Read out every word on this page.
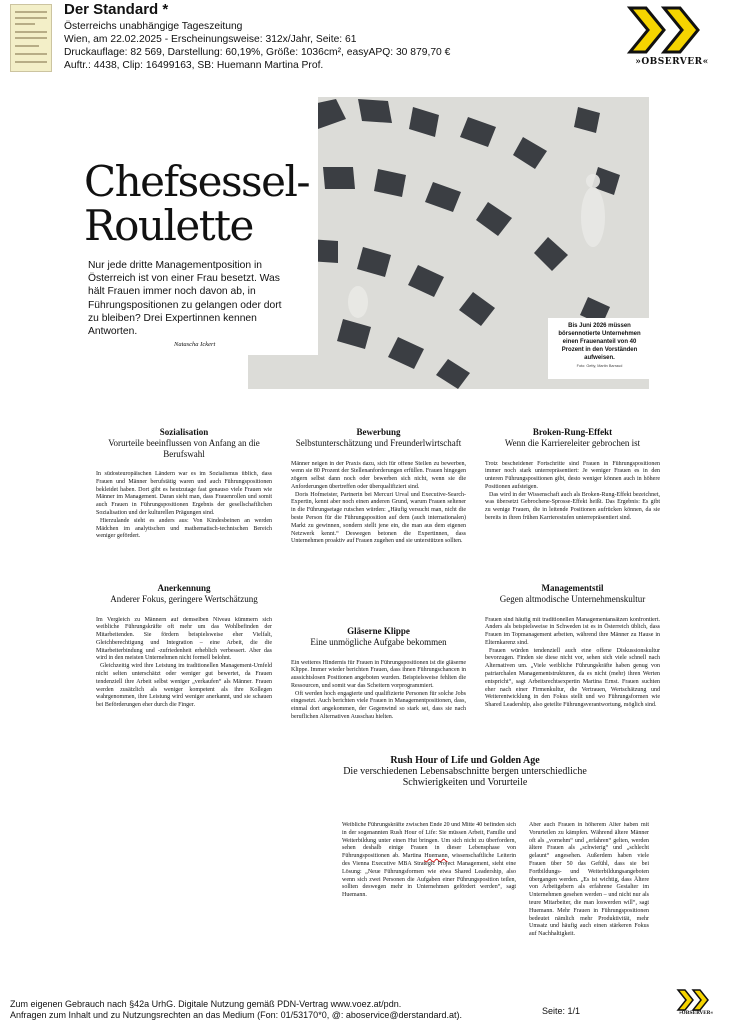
Der Standard *
Österreichs unabhängige Tageszeitung
Wien, am 22.02.2025 - Erscheinungsweise: 312x/Jahr, Seite: 61
Druckauflage: 82 569, Darstellung: 60,19%, Größe: 1036cm², easyAPQ: 30 879,70 €
Auftr.: 4438, Clip: 16499163, SB: Huemann Martina Prof.	»OBSERVER«
Chefsessel-
Roulette
Nur jede dritte Managementposition in Österreich ist von einer Frau besetzt. Was hält Frauen immer noch davon ab, in Führungspositionen zu gelangen oder dort zu bleiben? Drei Expertinnen kennen Antworten.
Natascha Ickert
Bis Juni 2026 müssen börsennotierte Unternehmen einen Frauenanteil von 40 Prozent in den Vorständen aufweisen.
Foto: Getty, Martin Barraud
Sozialisation
Vorurteile beeinflussen von Anfang an die Berufswahl

In südosteuropäischen Ländern war es im Sozialismus üblich, dass Frauen und Männer berufstätig waren und auch Führungspositionen bekleidet haben. Dort gibt es heutzutage fast genauso viele Frauen wie Männer im Management. Daran sieht man, dass Frauenrollen und somit auch Frauen in Führungspositionen Ergebnis der gesellschaftlichen Sozialisation und der kulturellen Prägungen sind.

Hierzulande sieht es anders aus: Von Kindesbeinen an werden Mädchen im analytischen und mathematisch-technischen Bereich weniger gefördert.

Bewerbung
Selbstunterschätzung und Freunderlwirtschaft

Männer neigen in der Praxis dazu, sich für offene Stellen zu bewerben, wenn sie 80 Prozent der Stellenanforderungen erfüllen. Frauen hingegen zögern selbst dann noch oder bewerben sich nicht, wenn sie die Anforderungen übertreffen oder überqualifiziert sind.

Doris Hofmeister, Partnerin bei Mercuri Urval und Executive-Search-Expertin, kennt aber noch einen anderen Grund, warum Frauen seltener in die Führungsetage rutschen würden: „Häufig versucht man, nicht die beste Person für die Führungsposition auf dem (auch internationalen) Markt zu gewinnen, sondern stellt jene ein, die man aus dem eigenen Netzwerk kennt.“ Deswegen betonen die Expertinnen, dass Unternehmen proaktiv auf Frauen zugehen und sie unterstützen sollten.

Broken-Rung-Effekt
Wenn die Karriereleiter gebrochen ist

Trotz bescheidener Fortschritte sind Frauen in Führungspositionen immer noch stark unterrepräsentiert: Je weniger Frauen es in den unteren Führungspositionen gibt, desto weniger können auch in höhere Positionen aufsteigen.

Das wird in der Wissenschaft auch als Broken-Rung-Effekt bezeichnet, was übersetzt Gebrochene-Sprosse-Effekt heißt. Das Ergebnis: Es gibt zu wenige Frauen, die in leitende Positionen aufrücken können, da sie bereits in ihren frühen Karrierestufen unterrepräsentiert sind.

Anerkennung
Anderer Fokus, geringere Wertschätzung

Im Vergleich zu Männern auf demselben Niveau kümmern sich weibliche Führungskräfte oft mehr um das Wohlbefinden der Mitarbeitenden. Sie fördern beispielsweise eher Vielfalt, Gleichberechtigung und Integration – eine Arbeit, die die Mitarbeiterbindung und -zufriedenheit erheblich verbessert. Aber das wird in den meisten Unternehmen nicht formell belohnt.

Gleichzeitig wird ihre Leistung im traditionellen Management-Umfeld nicht selten unterschätzt oder weniger gut bewertet, da Frauen tendenziell ihre Arbeit selbst weniger „verkaufen“ als Männer. Frauen werden zusätzlich als weniger kompetent als ihre Kollegen wahrgenommen, ihre Leistung wird weniger anerkannt, und sie schauen bei Beförderungen eher durch die Finger.

Gläserne Klippe
Eine unmögliche Aufgabe bekommen

Ein weiteres Hindernis für Frauen in Führungspositionen ist die gläserne Klippe. Immer wieder berichten Frauen, dass ihnen Führungschancen in aussichtslosen Positionen angeboten wurden. Beispielsweise fehlten die Ressourcen, und somit war das Scheitern vorprogrammiert.

Oft werden hoch engagierte und qualifizierte Personen für solche Jobs eingesetzt. Auch berichten viele Frauen in Managementpositionen, dass, einmal dort angekommen, der Gegenwind so stark sei, dass sie nach beruflichen Alternativen Ausschau hielten.

Managementstil
Gegen altmodische Unternehmenskultur

Frauen sind häufig mit traditionellen Managementansätzen konfrontiert. Anders als beispielsweise in Schweden ist es in Österreich üblich, dass Frauen im Topmanagement arbeiten, während ihre Männer zu Hause in Elternkarenz sind.

Frauen würden tendenziell auch eine offene Diskussionskultur bevorzugen. Finden sie diese nicht vor, sehen sich viele schnell nach Alternativen um. „Viele weibliche Führungskräfte haben genug von patriarchalen Managementstrukturen, da es nicht (mehr) ihren Werten entspricht“, sagt Arbeitsrechtsexpertin Martina Ernst. Frauen suchten eher nach einer Firmenkultur, die Vertrauen, Wertschätzung und Weiterentwicklung in den Fokus stellt und wo Führungsformen wie Shared Leadership, also geteilte Führungsverantwortung, möglich sind.

Rush Hour of Life und Golden Age
Die verschiedenen Lebensabschnitte bergen unterschiedliche Schwierigkeiten und Vorurteile

Weibliche Führungskräfte zwischen Ende 20 und Mitte 40 befinden sich in der sogenannten Rush Hour of Life: Sie müssen Arbeit, Familie und Weiterbildung unter einen Hut bringen. Um sich nicht zu überfordern, sehen deshalb einige Frauen in dieser Lebensphase von Führungspositionen ab. Martina Huemann, wissenschaftliche Leiterin des Vienna Executive MBA Strategic Project Management, sieht eine Lösung: „Neue Führungsformen wie etwa Shared Leadership, also wenn sich zwei Personen die Aufgaben einer Führungsposition teilen, sollten deswegen mehr in Unternehmen gefördert werden“, sagt Huemann.

Aber auch Frauen in höherem Alter haben mit Vorurteilen zu kämpfen. Während ältere Männer oft als „vornehm“ und „erfahren“ gelten, werden ältere Frauen als „schwierig“ und „schlecht gelaunt“ angesehen. Außerdem haben viele Frauen über 50 das Gefühl, dass sie bei Fortbildungs- und Weiterbildungsangeboten übergangen werden. „Es ist wichtig, dass Ältere von Arbeitgebern als erfahrene Gestalter im Unternehmen gesehen werden – und nicht nur als teure Mitarbeiter, die man loswerden will“, sagt Huemann. Mehr Frauen in Führungspositionen bedeutet nämlich mehr Produktivität, mehr Umsatz und häufig auch einen stärkeren Fokus auf Nachhaltigkeit.

Zum eigenen Gebrauch nach §42a UrhG. Digitale Nutzung gemäß PDN-Vertrag www.voez.at/pdn.
Anfragen zum Inhalt und zu Nutzungsrechten an das Medium (Fon: 01/53170*0, @: aboservice@derstandard.at).	Seite: 1/1	»OBSERVER«
